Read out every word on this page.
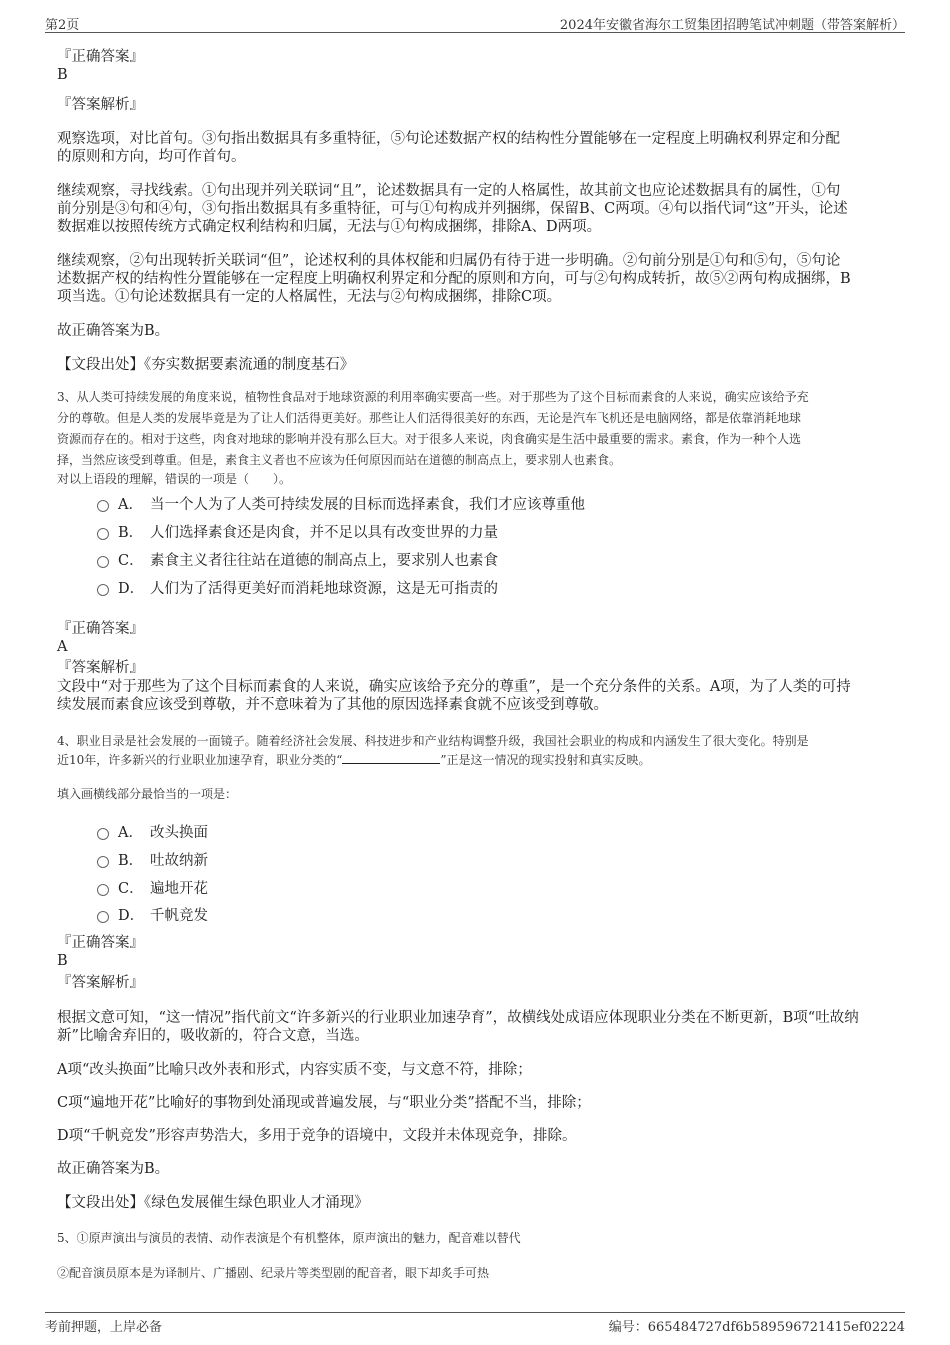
第2页	2024年安徽省海尔工贸集团招聘笔试冲刺题（带答案解析）
『正确答案』
B
『答案解析』
观察选项，对比首句。③句指出数据具有多重特征，⑤句论述数据产权的结构性分置能够在一定程度上明确权利界定和分配
的原则和方向，均可作首句。
继续观察，寻找线索。①句出现并列关联词“且”，论述数据具有一定的人格属性，故其前文也应论述数据具有的属性，①句
前分别是③句和④句，③句指出数据具有多重特征，可与①句构成并列捆绑，保留B、C两项。④句以指代词“这”开头，论述
数据难以按照传统方式确定权利结构和归属，无法与①句构成捆绑，排除A、D两项。
继续观察，②句出现转折关联词“但”，论述权利的具体权能和归属仍有待于进一步明确。②句前分别是①句和⑤句，⑤句论
述数据产权的结构性分置能够在一定程度上明确权利界定和分配的原则和方向，可与②句构成转折，故⑤②两句构成捆绑，B
项当选。①句论述数据具有一定的人格属性，无法与②句构成捆绑，排除C项。
故正确答案为B。
【文段出处】《夯实数据要素流通的制度基石》
3、从人类可持续发展的角度来说，植物性食品对于地球资源的利用率确实要高一些。对于那些为了这个目标而素食的人来说，确实应该给予充
分的尊敬。但是人类的发展毕竟是为了让人们活得更美好。那些让人们活得很美好的东西，无论是汽车飞机还是电脑网络，都是依靠消耗地球
资源而存在的。相对于这些，肉食对地球的影响并没有那么巨大。对于很多人来说，肉食确实是生活中最重要的需求。素食，作为一种个人选
择，当然应该受到尊重。但是，素食主义者也不应该为任何原因而站在道德的制高点上，要求别人也素食。
对以上语段的理解，错误的一项是（　　）。
A． 当一个人为了人类可持续发展的目标而选择素食，我们才应该尊重他
B． 人们选择素食还是肉食，并不足以具有改变世界的力量
C． 素食主义者往往站在道德的制高点上，要求别人也素食
D． 人们为了活得更美好而消耗地球资源，这是无可指责的
『正确答案』
A
『答案解析』
文段中“对于那些为了这个目标而素食的人来说，确实应该给予充分的尊重”，是一个充分条件的关系。A项，为了人类的可持
续发展而素食应该受到尊敬，并不意味着为了其他的原因选择素食就不应该受到尊敬。
4、职业目录是社会发展的一面镜子。随着经济社会发展、科技进步和产业结构调整升级，我国社会职业的构成和内涵发生了很大变化。特别是
近10年，许多新兴的行业职业加速孕育，职业分类的“	”正是这一情况的现实投射和真实反映。
填入画横线部分最恰当的一项是：
A． 改头换面
B． 吐故纳新
C． 遍地开花
D． 千帆竞发
『正确答案』
B
『答案解析』
根据文意可知，“这一情况”指代前文“许多新兴的行业职业加速孕育”，故横线处成语应体现职业分类在不断更新，B项“吐故纳
新”比喻舍弃旧的，吸收新的，符合文意，当选。
A项“改头换面”比喻只改外表和形式，内容实质不变，与文意不符，排除；
C项“遍地开花”比喻好的事物到处涌现或普遍发展，与“职业分类”搭配不当，排除；
D项“千帆竞发”形容声势浩大，多用于竞争的语境中，文段并未体现竞争，排除。
故正确答案为B。
【文段出处】《绿色发展催生绿色职业人才涌现》
5、①原声演出与演员的表情、动作表演是个有机整体，原声演出的魅力，配音难以替代
②配音演员原本是为译制片、广播剧、纪录片等类型剧的配音者，眼下却炙手可热
考前押题，上岸必备	编号：665484727df6b589596721415ef02224
